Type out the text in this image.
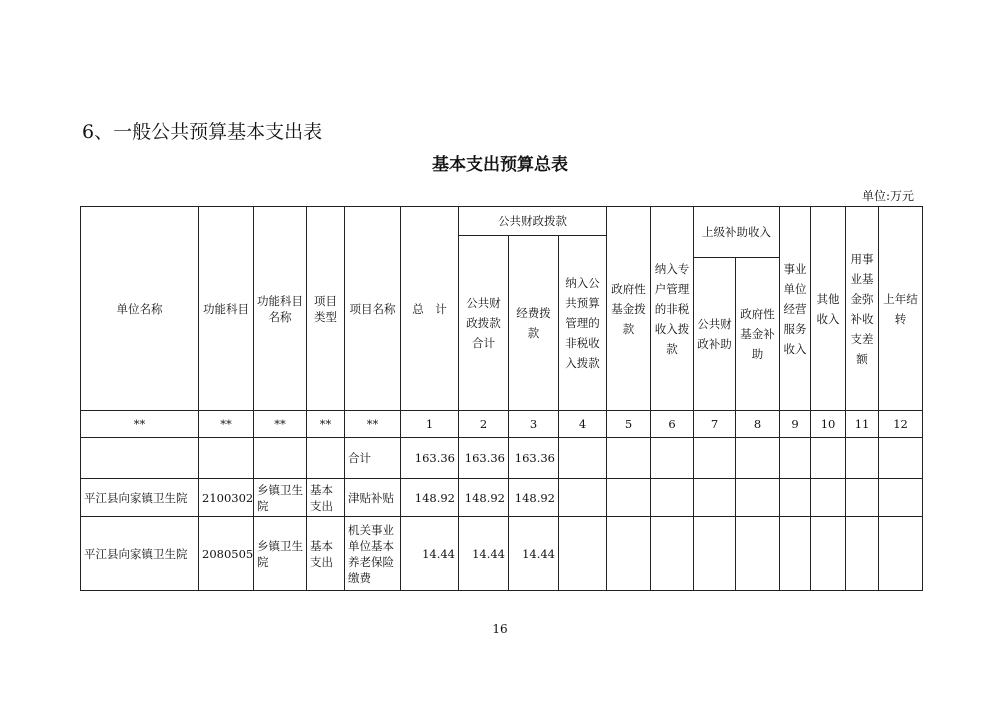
6、一般公共预算基本支出表
基本支出预算总表
单位:万元
单位名称	功能科目	功能科目名称	项目类型	项目名称	总　计	公共财政拨款			政府性基金拨款	纳入专户管理的非税收入拨款	上级补助收入		事业单位经营服务收入	其他收入	用事业基金弥补收支差额	上年结转
						公共财政拨款合计	经费拨款	纳入公共预算管理的非税收入拨款								
											公共财政补助	政府性基金补助				
**	**	**	**	**	1	2	3	4	5	6	7	8	9	10	11	12
				合计	163.36	163.36	163.36									
平江县向家镇卫生院	2100302	乡镇卫生院	基本支出	津贴补贴	148.92	148.92	148.92									
平江县向家镇卫生院	2080505	乡镇卫生院	基本支出	机关事业单位基本养老保险缴费	14.44	14.44	14.44									
16
